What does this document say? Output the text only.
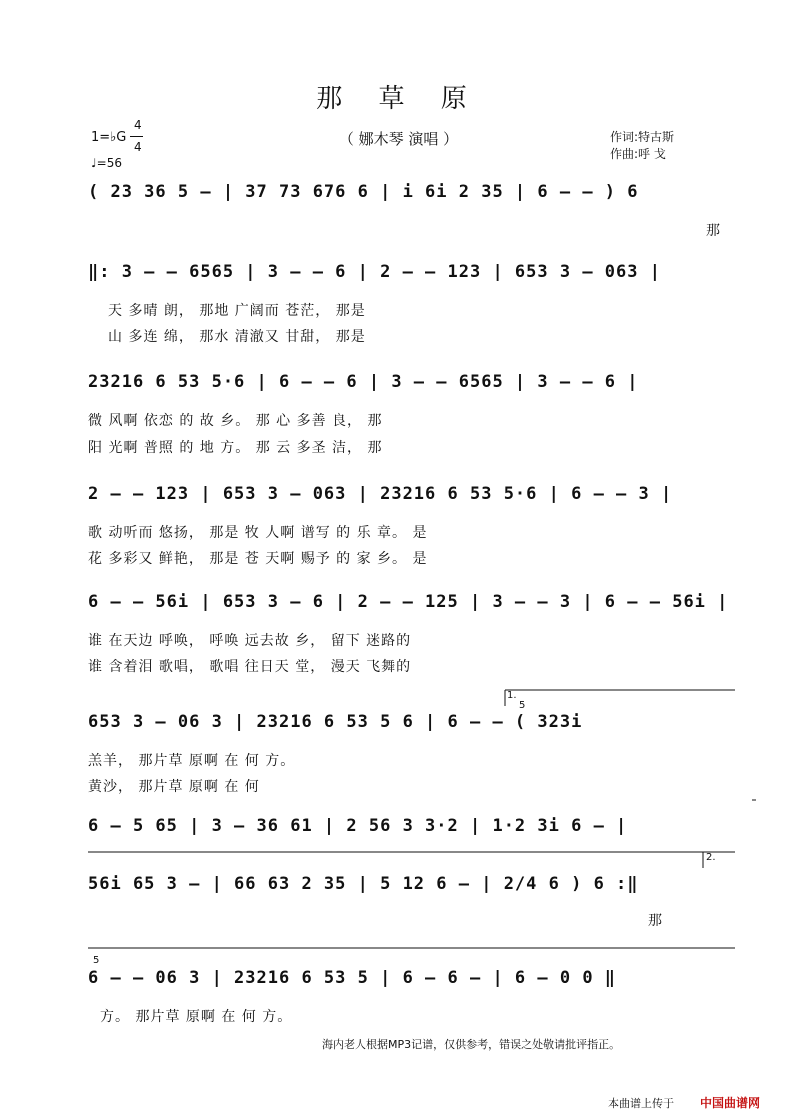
那 草 原
（ 娜木琴 演唱 ）	作词:特古斯
作曲:呼 戈
1=♭G
4
4
♩=56
( 23 36 5 – | 37 73 676 6 | i 6i 2 35 | 6 – – ) 6
那
‖: 3 – – 6565 | 3 – – 6 | 2 – – 123 | 653 3 – 063 |
天 多晴 朗， 那地 广阔而 苍茫， 那是
山 多连 绵， 那水 清澈又 甘甜， 那是
23216 6 53 5·6 | 6 – – 6 | 3 – – 6565 | 3 – – 6 |
微 风啊 依恋 的 故 乡。 那 心 多善 良， 那
阳 光啊 普照 的 地 方。 那 云 多圣 洁， 那
2 – – 123 | 653 3 – 063 | 23216 6 53 5·6 | 6 – – 3 |
歌 动听而 悠扬， 那是 牧 人啊 谱写 的 乐 章。 是
花 多彩又 鲜艳， 那是 苍 天啊 赐予 的 家 乡。 是
6 – – 56i | 653 3 – 6 | 2 – – 125 | 3 – – 3 | 6 – – 56i |
谁 在天边 呼唤， 呼唤 远去故 乡， 留下 迷路的
谁 含着泪 歌唱， 歌唱 往日天 堂， 漫天 飞舞的
1.
5
653 3 – 06 3 | 23216 6 53 5 6 | 6 – – ( 323i
羔羊， 那片草 原啊 在 何 方。
黄沙， 那片草 原啊 在 何
6 – 5 65 | 3 – 36 61 | 2 56 3 3·2 | 1·2 3i 6 – |
2.
56i 65 3 – | 66 63 2 35 | 5 12 6 – | 2/4 6 ) 6 :‖
那
5
6 – – 06 3 | 23216 6 53 5 | 6 – 6 – | 6 – 0 0 ‖
方。 那片草 原啊 在 何 方。
海内老人根据MP3记谱，仅供参考，错误之处敬请批评指正。
本曲谱上传于 中国曲谱网
